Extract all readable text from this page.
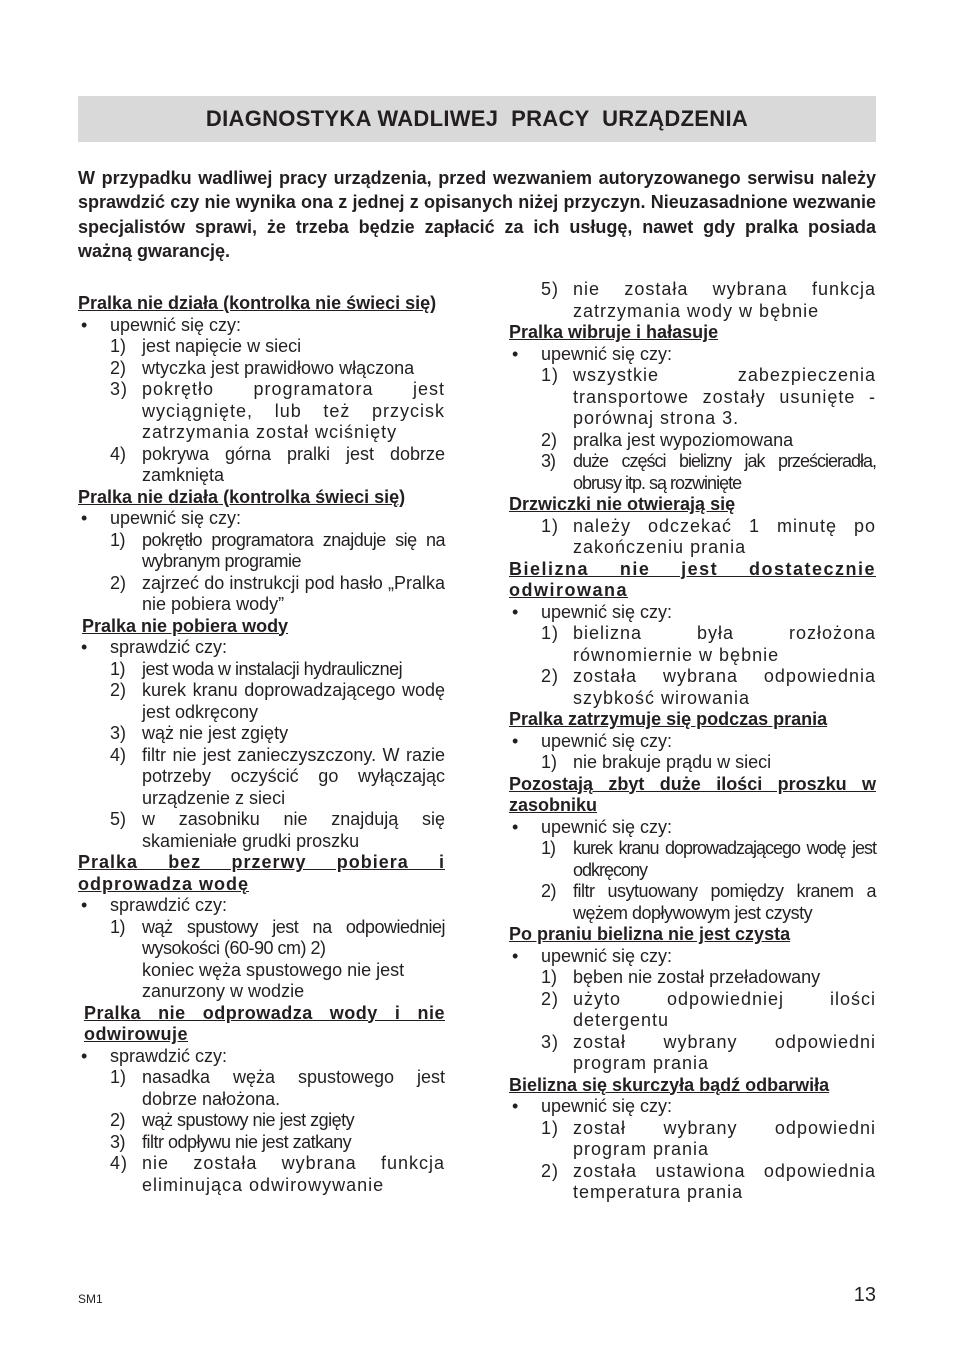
DIAGNOSTYKA WADLIWEJ  PRACY  URZĄDZENIA
W przypadku wadliwej pracy urządzenia, przed wezwaniem autoryzowanego serwisu należy sprawdzić czy nie wynika ona z jednej z opisanych niżej przyczyn. Nieuzasadnione wezwanie specjalistów sprawi, że trzeba będzie zapłacić za ich usługę, nawet gdy pralka posiada ważną gwarancję.
Pralka nie działa (kontrolka nie świeci się)
• upewnić się czy:
1) jest napięcie w sieci
2) wtyczka jest prawidłowo włączona
3) pokrętło programatora jest wyciągnięte, lub też przycisk zatrzymania został wciśnięty
4) pokrywa górna pralki jest dobrze zamknięta
Pralka nie działa (kontrolka świeci się)
• upewnić się czy:
1) pokrętło programatora znajduje się na wybranym programie
2) zajrzeć do instrukcji pod hasło „Pralka nie pobiera wody”
Pralka nie pobiera wody
• sprawdzić czy:
1) jest woda w instalacji hydraulicznej
2) kurek kranu doprowadzającego wodę jest odkręcony
3) wąż nie jest zgięty
4) filtr nie jest zanieczyszczony. W razie potrzeby oczyścić go wyłączając urządzenie z sieci
5) w zasobniku nie znajdują się skamieniałe grudki proszku
Pralka bez przerwy pobiera i odprowadza wodę
• sprawdzić czy:
1) wąż spustowy jest na odpowiedniej wysokości (60-90 cm) 2)
koniec węża spustowego nie jest zanurzony w wodzie
Pralka nie odprowadza wody i nie odwirowuje
• sprawdzić czy:
1) nasadka węża spustowego jest dobrze nałożona.
2) wąż spustowy nie jest zgięty
3) filtr odpływu nie jest zatkany
4) nie została wybrana funkcja eliminująca odwirowywanie
5) nie została wybrana funkcja zatrzymania wody w bębnie
Pralka wibruje i hałasuje
• upewnić się czy:
1) wszystkie zabezpieczenia transportowe zostały usunięte - porównaj strona 3.
2) pralka jest wypoziomowana
3) duże części bielizny jak prześcieradła, obrusy itp. są rozwinięte
Drzwiczki nie otwierają się
1) należy odczekać 1 minutę po zakończeniu prania
Bielizna nie jest dostatecznie odwirowana
• upewnić się czy:
1) bielizna była rozłożona równomiernie w bębnie
2) została wybrana odpowiednia szybkość wirowania
Pralka zatrzymuje się podczas prania
• upewnić się czy:
1) nie brakuje prądu w sieci
Pozostają zbyt duże ilości proszku w zasobniku
• upewnić się czy:
1) kurek kranu doprowadzającego wodę jest odkręcony
2) filtr usytuowany pomiędzy kranem a wężem dopływowym jest czysty
Po praniu bielizna nie jest czysta
• upewnić się czy:
1) bęben nie został przeładowany
2) użyto odpowiedniej ilości detergentu
3) został wybrany odpowiedni program prania
Bielizna się skurczyła bądź odbarwiła
• upewnić się czy:
1) został wybrany odpowiedni program prania
2) została ustawiona odpowiednia temperatura prania
SM1	13
